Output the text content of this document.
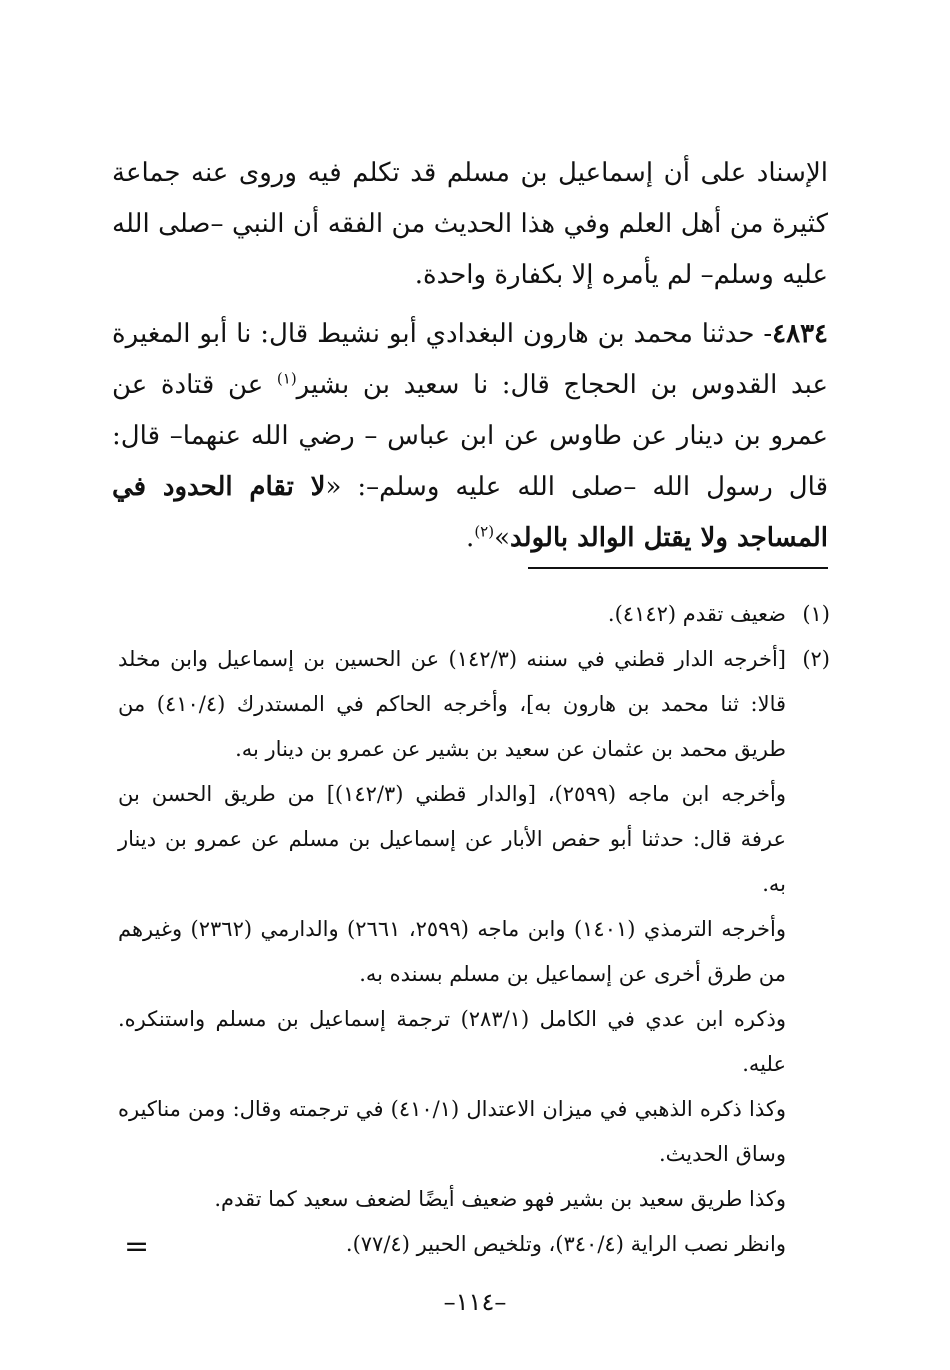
الإسناد على أن إسماعيل بن مسلم قد تكلم فيه وروى عنه جماعة كثيرة من أهل العلم وفي هذا الحديث من الفقه أن النبي –صلى الله عليه وسلم– لم يأمره إلا بكفارة واحدة.

٤٨٣٤- حدثنا محمد بن هارون البغدادي أبو نشيط قال: نا أبو المغيرة عبد القدوس بن الحجاج قال: نا سعيد بن بشير$^{(١)}$ عن قتادة عن عمرو بن دينار عن طاوس عن ابن عباس – رضي الله عنهما– قال: قال رسول الله –صلى الله عليه وسلم–: «لا تقام الحدود في المساجد ولا يقتل الوالد بالولد»$^{(٢)}$.

(١)

ضعيف تقدم (٤١٤٢).

(٢)

[أخرجه الدار قطني في سننه (١٤٢/٣) عن الحسين بن إسماعيل وابن مخلد قالا: ثنا محمد بن هارون به]، وأخرجه الحاكم في المستدرك (٤١٠/٤) من طريق محمد بن عثمان عن سعيد بن بشير عن عمرو بن دينار به.

وأخرجه ابن ماجه (٢٥٩٩)، [والدار قطني (١٤٢/٣)] من طريق الحسن بن عرفة قال: حدثنا أبو حفص الأبار عن إسماعيل بن مسلم عن عمرو بن دينار به.

وأخرجه الترمذي (١٤٠١) وابن ماجه (٢٥٩٩، ٢٦٦١) والدارمي (٢٣٦٢) وغيرهم من طرق أخرى عن إسماعيل بن مسلم بسنده به.

وذكره ابن عدي في الكامل (٢٨٣/١) ترجمة إسماعيل بن مسلم واستنكره. عليه.

وكذا ذكره الذهبي في ميزان الاعتدال (٤١٠/١) في ترجمته وقال: ومن مناكيره وساق الحديث.

وكذا طريق سعيد بن بشير فهو ضعيف أيضًا لضعف سعيد كما تقدم.

وانظر نصب الراية (٣٤٠/٤)، وتلخيص الحبير (٧٧/٤).

=
–١١٤–
